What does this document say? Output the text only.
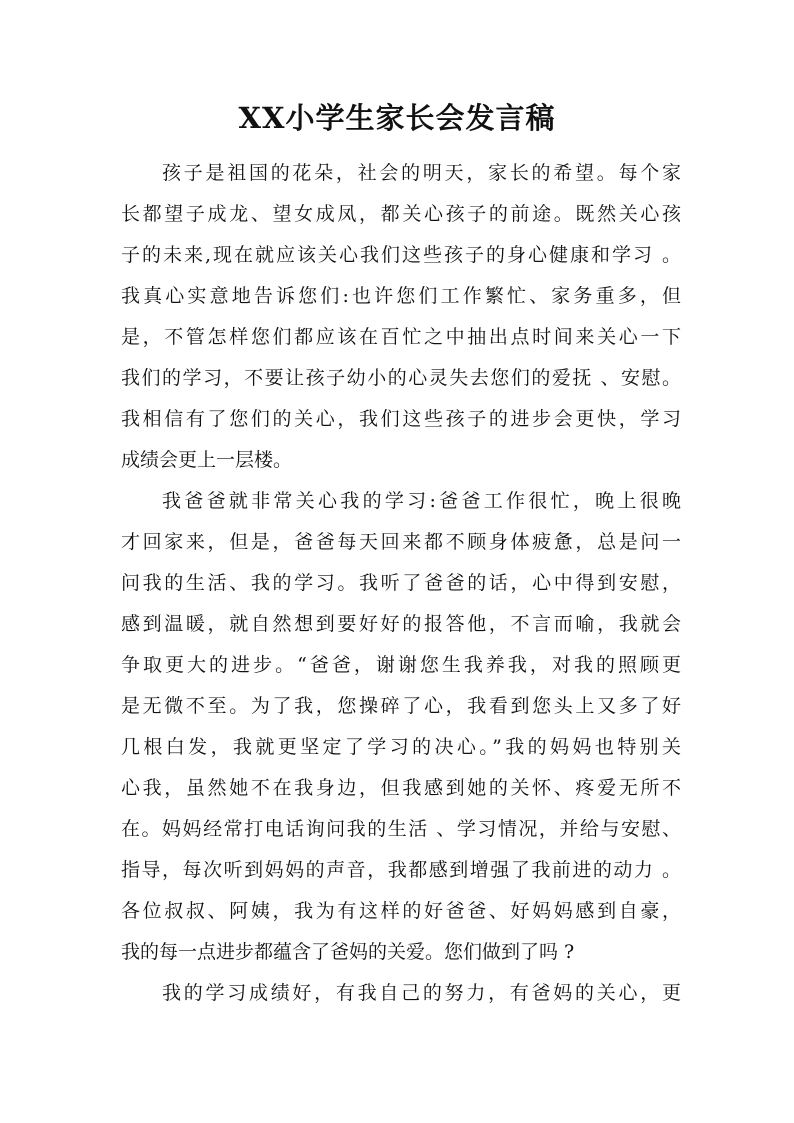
XX小学生家长会发言稿
孩子是祖国的花朵，社会的明天，家长的希望。每个家
长都望子成龙、望女成凤，都关心孩子的前途。既然关心孩
子的未来,现在就应该关心我们这些孩子的身心健康和学习 。
我真心实意地告诉您们:也许您们工作繁忙、家务重多，但
是，不管怎样您们都应该在百忙之中抽出点时间来关心一下
我们的学习，不要让孩子幼小的心灵失去您们的爱抚 、安慰。
我相信有了您们的关心，我们这些孩子的进步会更快，学习
成绩会更上一层楼。
我爸爸就非常关心我的学习:爸爸工作很忙，晚上很晚
才回家来，但是，爸爸每天回来都不顾身体疲惫，总是问一
问我的生活、我的学习。我听了爸爸的话，心中得到安慰，
感到温暖，就自然想到要好好的报答他，不言而喻，我就会
争取更大的进步。“爸爸，谢谢您生我养我，对我的照顾更
是无微不至。为了我，您操碎了心，我看到您头上又多了好
几根白发，我就更坚定了学习的决心。”我的妈妈也特别关
心我，虽然她不在我身边，但我感到她的关怀、疼爱无所不
在。妈妈经常打电话询问我的生活 、学习情况，并给与安慰、
指导，每次听到妈妈的声音，我都感到增强了我前进的动力 。
各位叔叔、阿姨，我为有这样的好爸爸、好妈妈感到自豪，
我的每一点进步都蕴含了爸妈的关爱。您们做到了吗 ?
我的学习成绩好，有我自己的努力，有爸妈的关心，更
